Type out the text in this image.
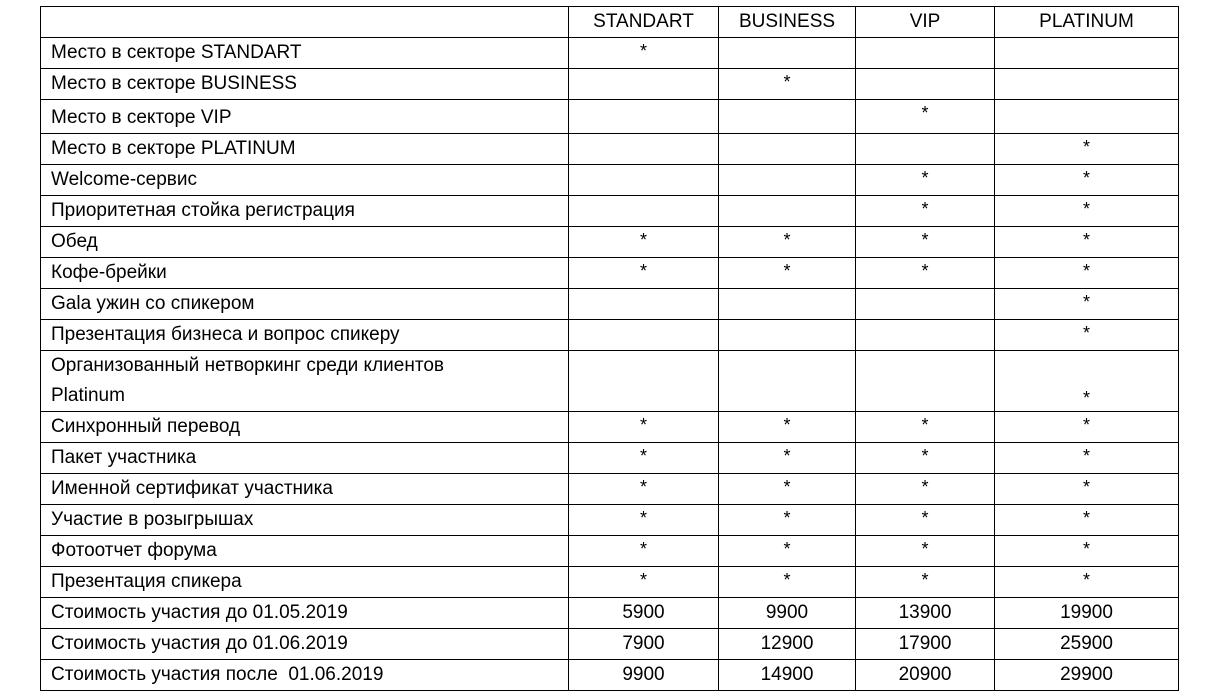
	STANDART	BUSINESS	VIP	PLATINUM
Место в секторе STANDART	*			
Место в секторе BUSINESS		*		
Место в секторе VIP			*	
Место в секторе PLATINUM				*
Welcome-сервис			*	*
Приоритетная стойка регистрация			*	*
Обед	*	*	*	*
Кофе-брейки	*	*	*	*
Gala ужин со спикером				*
Презентация бизнеса и вопрос спикеру				*
Организованный нетворкинг среди клиентов
Platinum				*
Синхронный перевод	*	*	*	*
Пакет участника	*	*	*	*
Именной сертификат участника	*	*	*	*
Участие в розыгрышах	*	*	*	*
Фотоотчет форума	*	*	*	*
Презентация спикера	*	*	*	*
Стоимость участия до 01.05.2019	5900	9900	13900	19900
Стоимость участия до 01.06.2019	7900	12900	17900	25900
Стоимость участия после  01.06.2019	9900	14900	20900	29900
